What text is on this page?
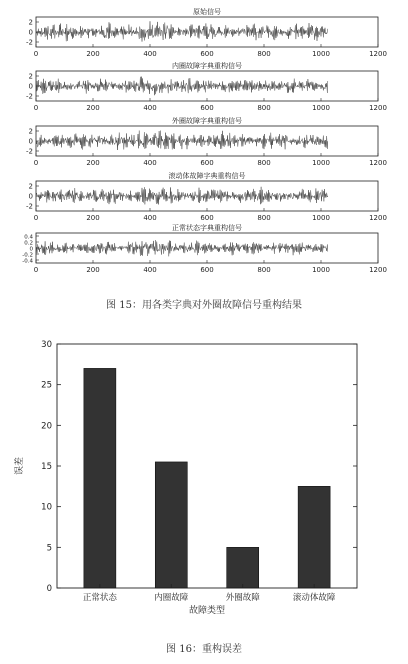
原始信号
2
0
-2
0	200	400	600	800	1000	1200
内圈故障字典重构信号
2
0
-2
0	200	400	600	800	1000	1200
外圈故障字典重构信号
2
0
-2
0	200	400	600	800	1000	1200
滚动体故障字典重构信号
2
0
-2
0	200	400	600	800	1000	1200
正常状态字典重构信号
0.4
0.2
0
-0.2
-0.4
0	200	400	600	800	1000	1200
图 15：用各类字典对外圈故障信号重构结果
0
5
10
15
20
25
30
正常状态	内圈故障	外圈故障	滚动体故障
故障类型
误差
图 16：重构误差
